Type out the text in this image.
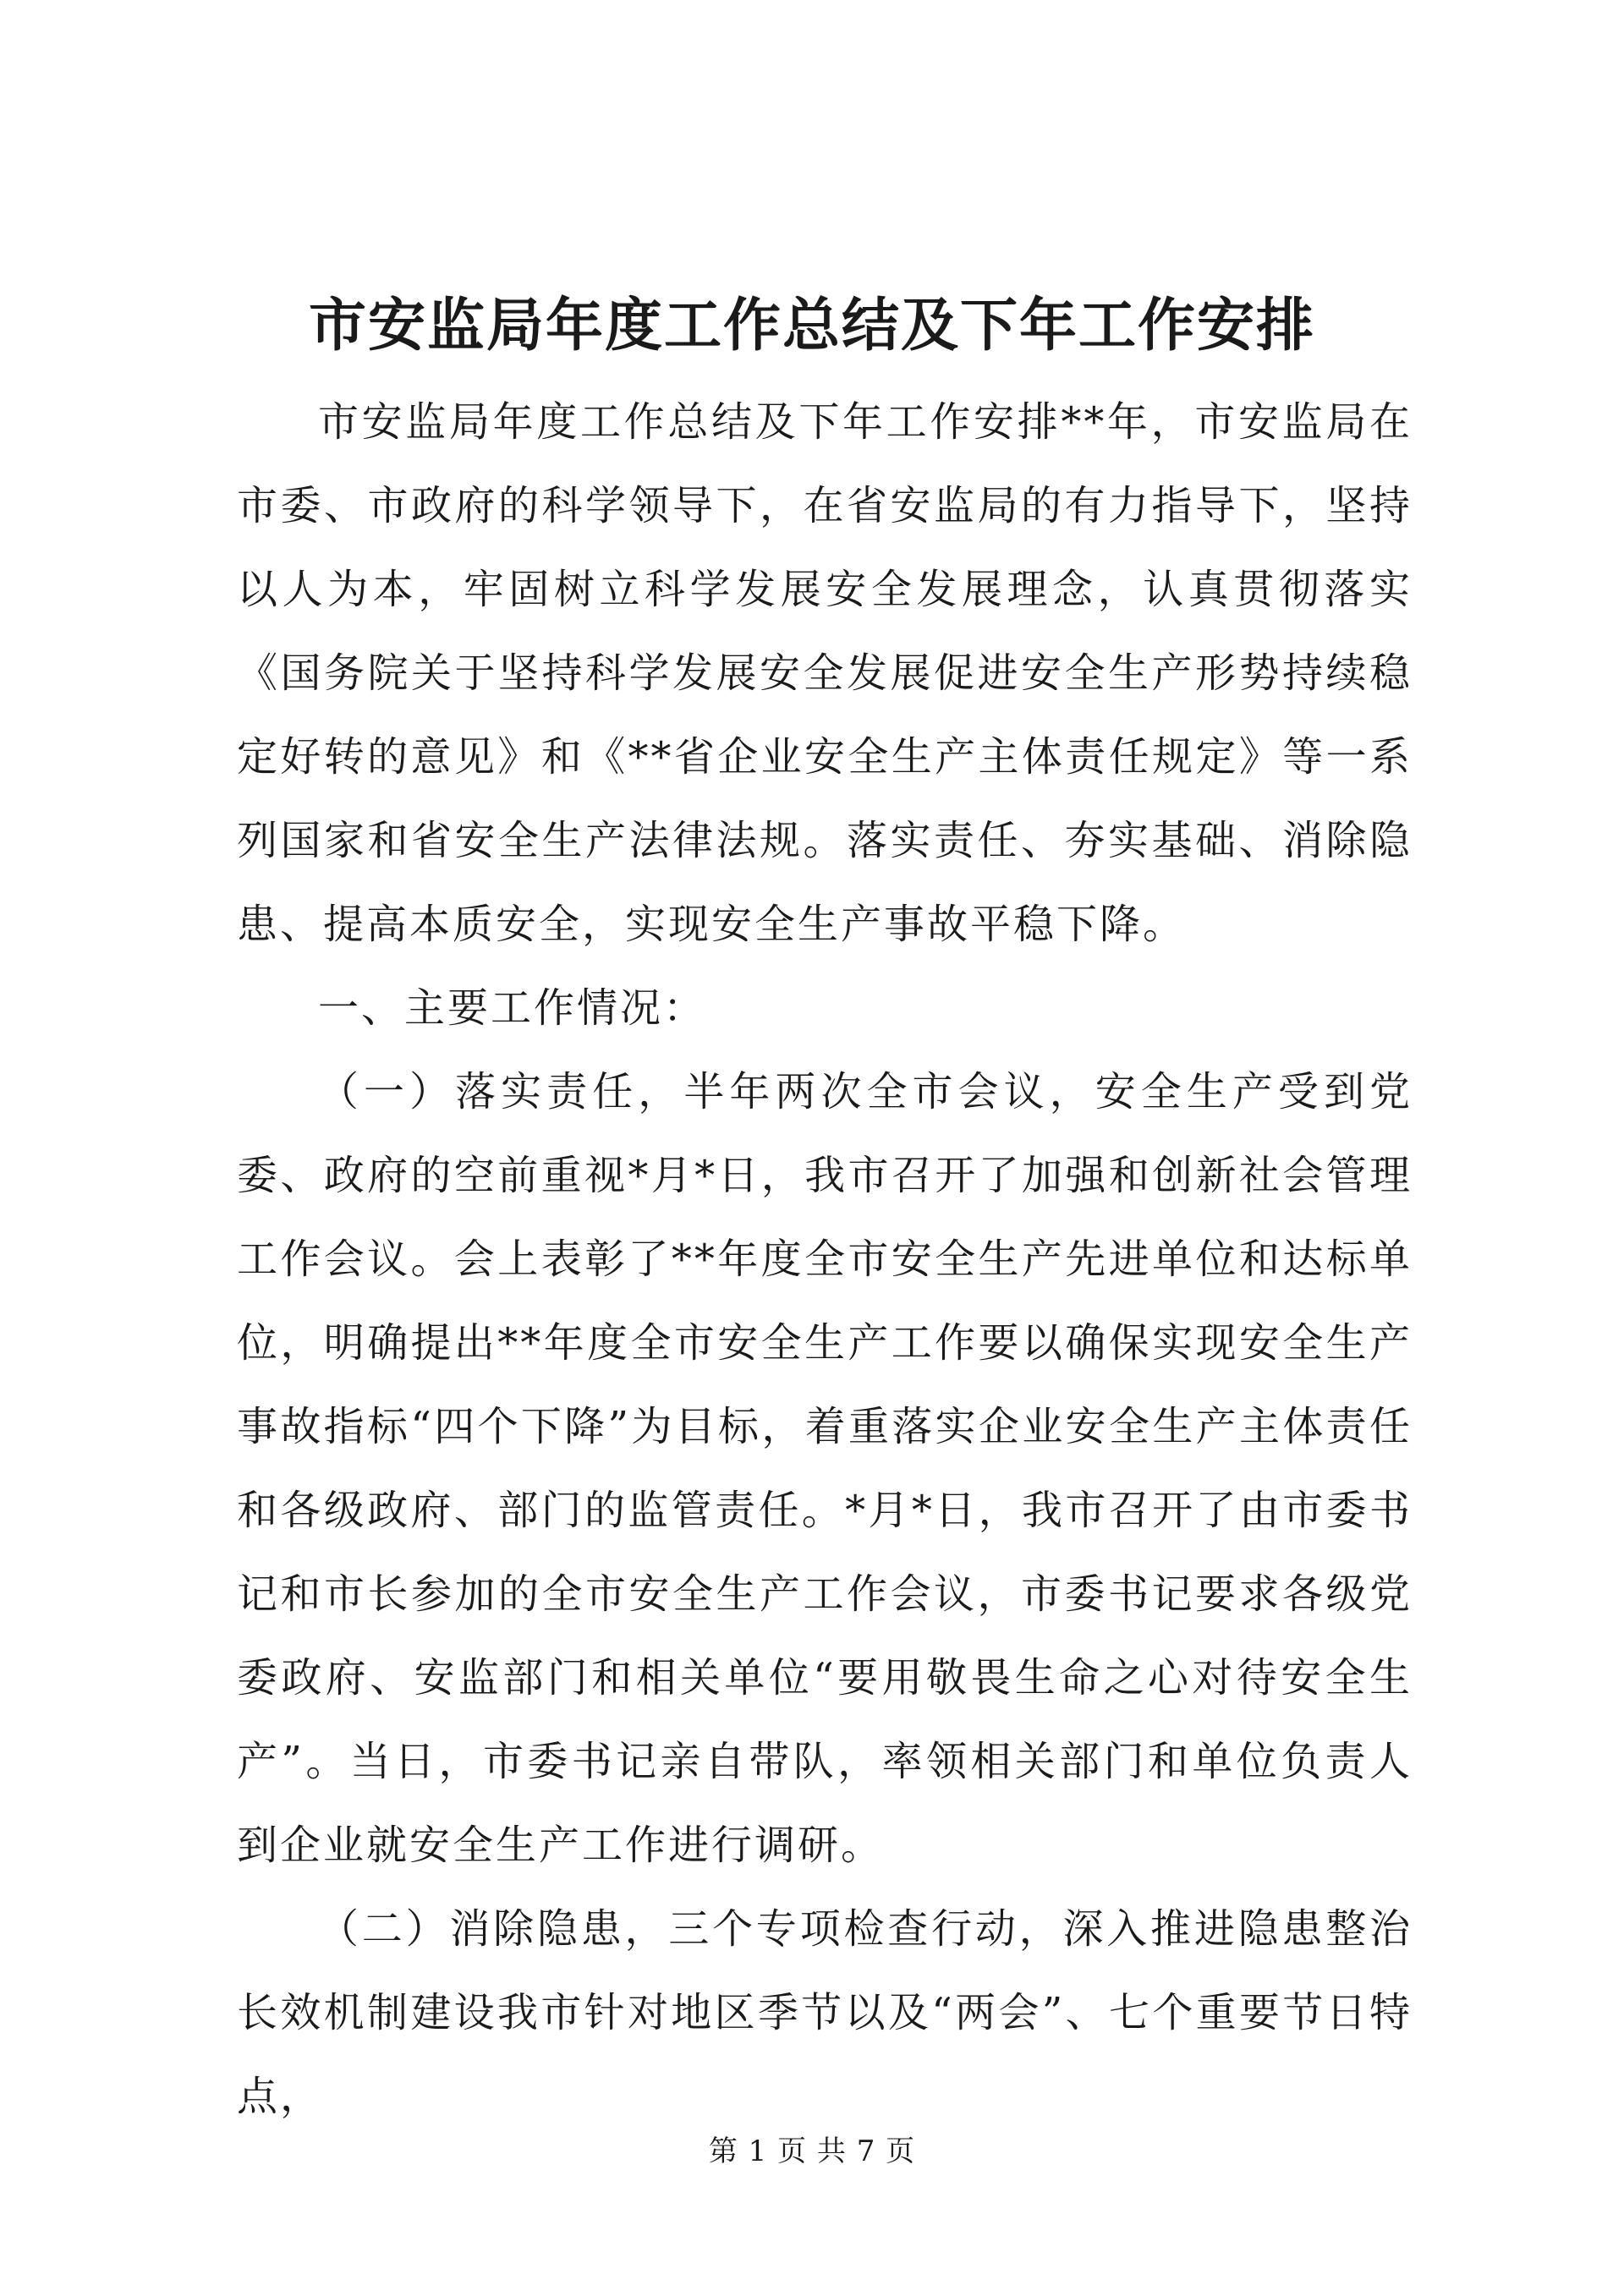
市安监局年度工作总结及下年工作安排

市安监局年度工作总结及下年工作安排**年，市安监局在市委、市政府的科学领导下，在省安监局的有力指导下，坚持以人为本，牢固树立科学发展安全发展理念，认真贯彻落实《国务院关于坚持科学发展安全发展促进安全生产形势持续稳定好转的意见》和《**省企业安全生产主体责任规定》等一系列国家和省安全生产法律法规。落实责任、夯实基础、消除隐患、提高本质安全，实现安全生产事故平稳下降。

一、主要工作情况：

（一）落实责任，半年两次全市会议，安全生产受到党委、政府的空前重视*月*日，我市召开了加强和创新社会管理工作会议。会上表彰了**年度全市安全生产先进单位和达标单位，明确提出**年度全市安全生产工作要以确保实现安全生产事故指标“四个下降”为目标，着重落实企业安全生产主体责任和各级政府、部门的监管责任。*月*日，我市召开了由市委书记和市长参加的全市安全生产工作会议，市委书记要求各级党委政府、安监部门和相关单位“要用敬畏生命之心对待安全生产”。当日，市委书记亲自带队，率领相关部门和单位负责人到企业就安全生产工作进行调研。

（二）消除隐患，三个专项检查行动，深入推进隐患整治长效机制建设我市针对地区季节以及“两会”、七个重要节日特点，

第 1 页 共 7 页
